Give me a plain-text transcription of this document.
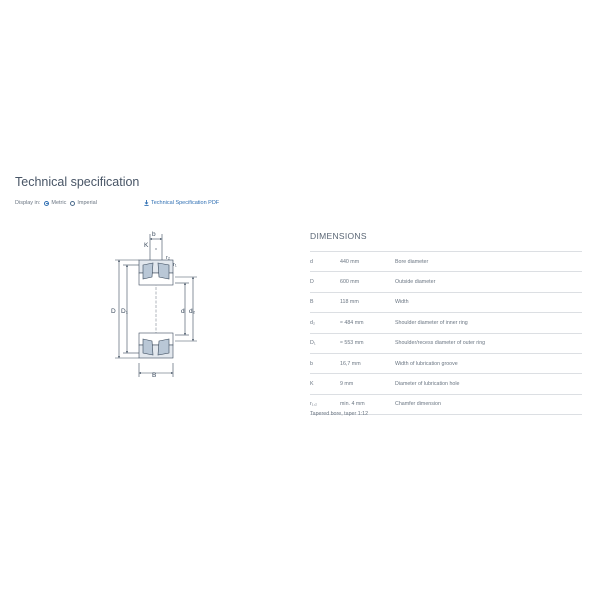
Technical specification
Display in: Metric Imperial	Technical Specification PDF
b
K
r₂
r₁
D D₁	d d₂
B
DIMENSIONS
d	440 mm	Bore diameter
D	600 mm	Outside diameter
B	118 mm	Width
d₂	≈ 484 mm	Shoulder diameter of inner ring
D₁	≈ 553 mm	Shoulder/recess diameter of outer ring
b	16,7 mm	Width of lubrication groove
K	9 mm	Diameter of lubrication hole
r₁,₂	min. 4 mm	Chamfer dimension
Tapered bore, taper 1:12
